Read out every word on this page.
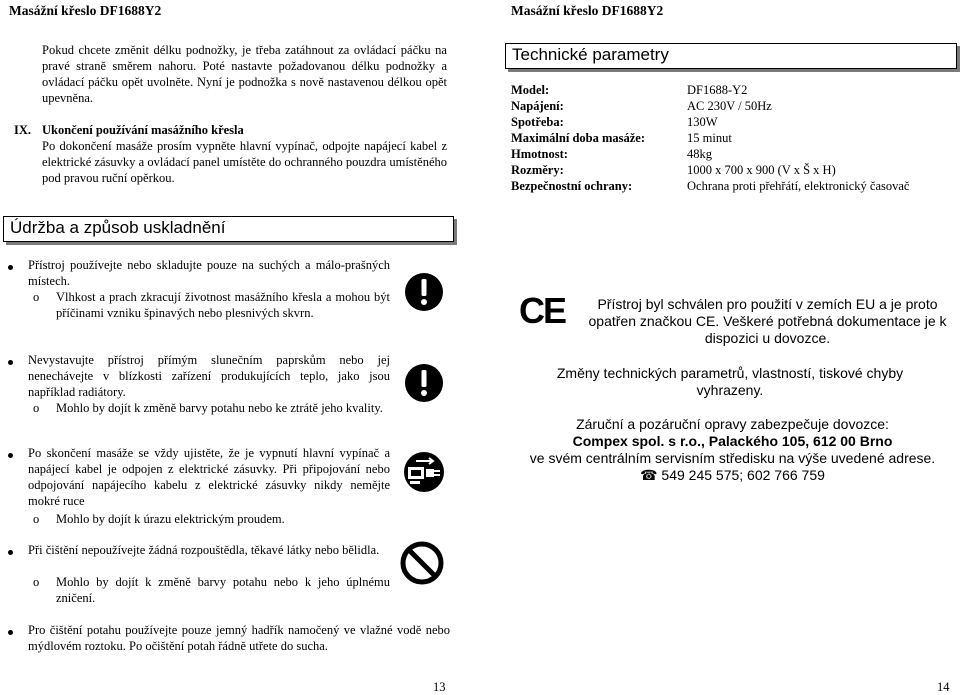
Masážní křeslo DF1688Y2	Masážní křeslo DF1688Y2
Pokud chcete změnit délku podnožky, je třeba zatáhnout za ovládací páčku na pravé straně směrem nahoru. Poté nastavte požadovanou délku podnožky a ovládací páčku opět uvolněte. Nyní je podnožka s nově nastavenou délkou opět upevněna.
IX. Ukončení používání masážního křesla
Po dokončení masáže prosím vypněte hlavní vypínač, odpojte napájecí kabel z elektrické zásuvky a ovládací panel umístěte do ochranného pouzdra umístěného pod pravou ruční opěrkou.
Technické parametry
Model:	DF1688-Y2
Napájení:	AC 230V / 50Hz
Spotřeba:	130W
Maximální doba masáže:	15 minut
Hmotnost:	48kg
Rozměry:	1000 x 700 x 900 (V x Š x H)
Bezpečnostní ochrany:	Ochrana proti přehřátí, elektronický časovač
Údržba a způsob uskladnění
Přístroj používejte nebo skladujte pouze na suchých a málo-prašných místech.
o Vlhkost a prach zkracují životnost masážního křesla a mohou být příčinami vzniku špinavých nebo plesnivých skvrn.
Nevystavujte přístroj přímým slunečním paprskům nebo jej nenechávejte v blízkosti zařízení produkujících teplo, jako jsou například radiátory.
o Mohlo by dojít k změně barvy potahu nebo ke ztrátě jeho kvality.
Po skončení masáže se vždy ujistěte, že je vypnutí hlavní vypínač a napájecí kabel je odpojen z elektrické zásuvky. Při připojování nebo odpojování napájecího kabelu z elektrické zásuvky nikdy nemějte mokré ruce
o Mohlo by dojít k úrazu elektrickým proudem.
Při čištění nepoužívejte žádná rozpouštědla, těkavé látky nebo bělidla.
o Mohlo by dojít k změně barvy potahu nebo k jeho úplnému zničení.
Pro čištění potahu používejte pouze jemný hadřík namočený ve vlažné vodě nebo mýdlovém roztoku. Po očištění potah řádně utřete do sucha.
CE	Přístroj byl schválen pro použití v zemích EU a je proto opatřen značkou CE. Veškeré potřebná dokumentace je k dispozici u dovozce.
Změny technických parametrů, vlastností, tiskové chyby vyhrazeny.
Záruční a pozáruční opravy zabezpečuje dovozce:
Compex spol. s r.o., Palackého 105, 612 00 Brno
ve svém centrálním servisním středisku na výše uvedené adrese.
☎ 549 245 575; 602 766 759
13	14
